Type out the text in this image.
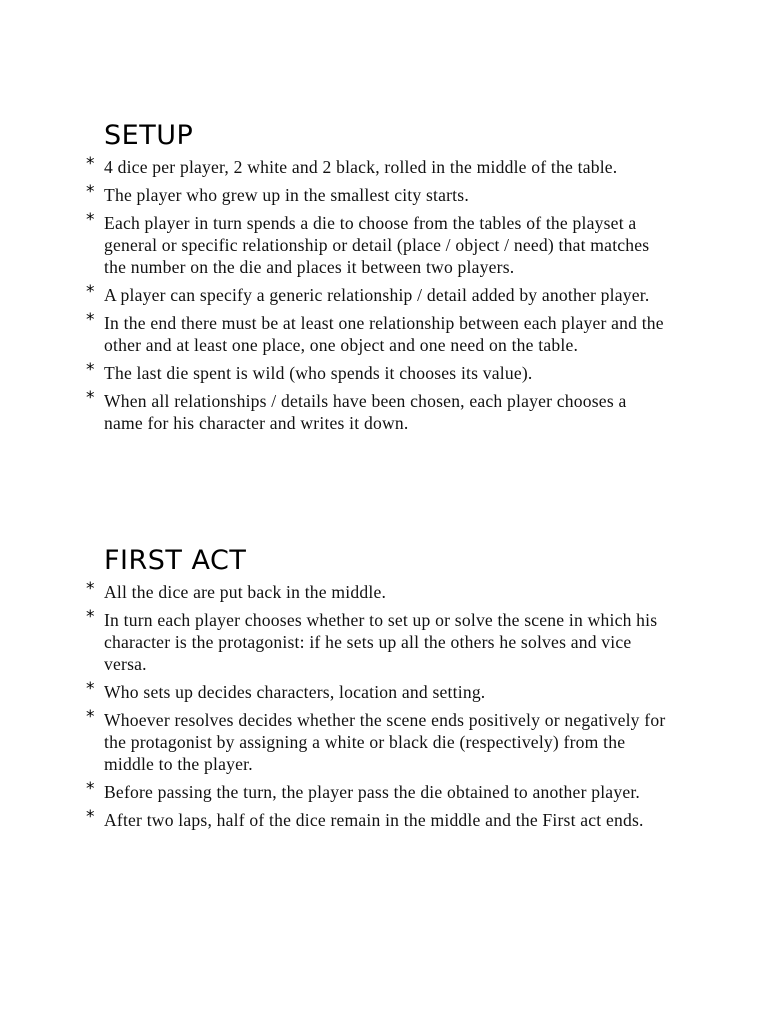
SETUP
* 4 dice per player, 2 white and 2 black, rolled in the middle of the table.
* The player who grew up in the smallest city starts.
* Each player in turn spends a die to choose from the tables of the playset a general or specific relationship or detail (place / object / need) that matches the number on the die and places it between two players.
* A player can specify a generic relationship / detail added by another player.
* In the end there must be at least one relationship between each player and the other and at least one place, one object and one need on the table.
* The last die spent is wild (who spends it chooses its value).
* When all relationships / details have been chosen, each player chooses a name for his character and writes it down.
FIRST ACT
* All the dice are put back in the middle.
* In turn each player chooses whether to set up or solve the scene in which his character is the protagonist: if he sets up all the others he solves and vice versa.
* Who sets up decides characters, location and setting.
* Whoever resolves decides whether the scene ends positively or negatively for the protagonist by assigning a white or black die (respectively) from the middle to the player.
* Before passing the turn, the player pass the die obtained to another player.
* After two laps, half of the dice remain in the middle and the First act ends.
